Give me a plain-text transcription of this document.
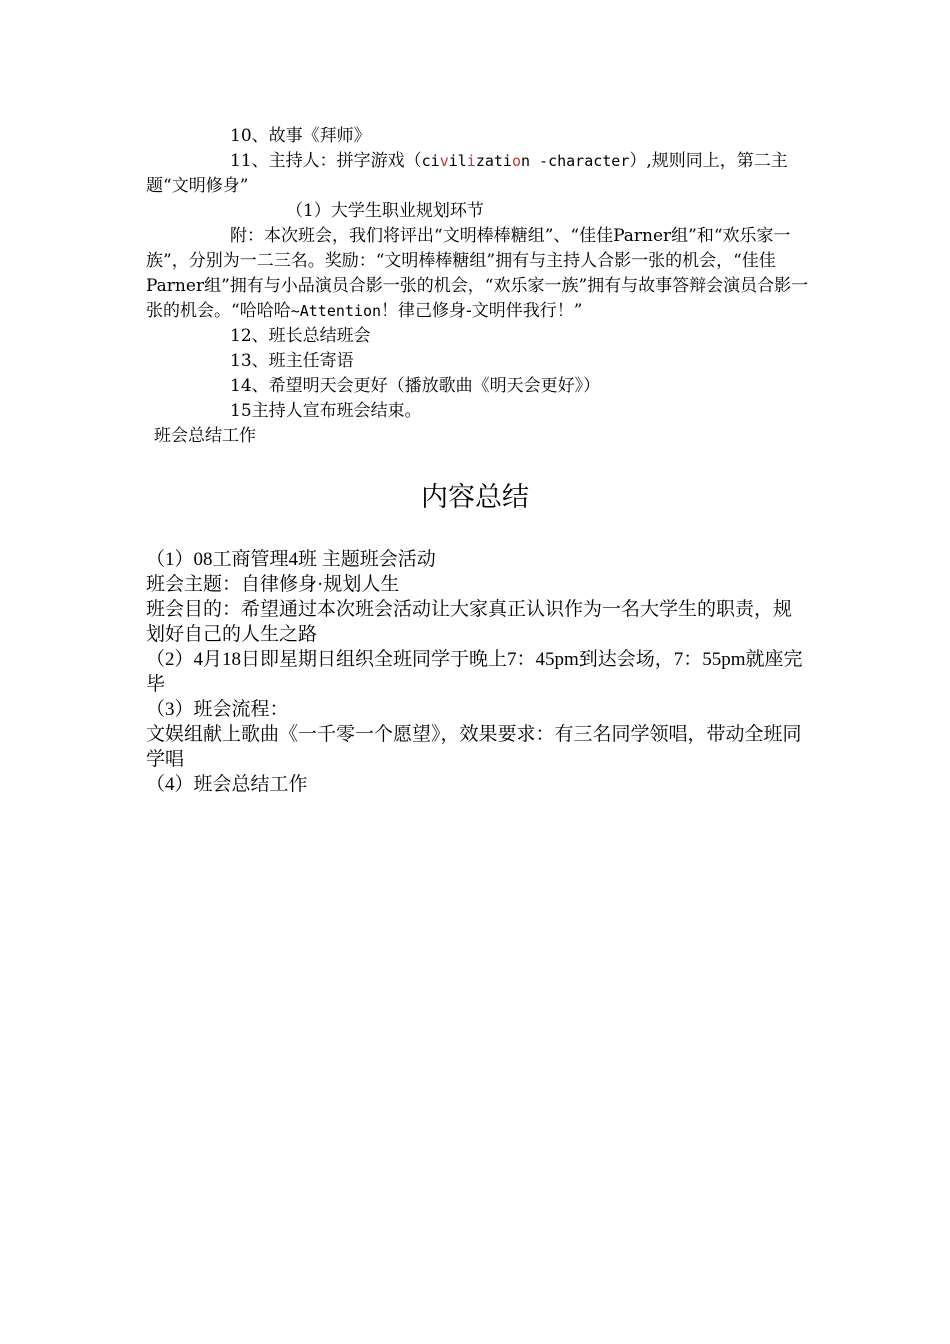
10、故事《拜师》

11、主持人：拼字游戏（civilization -character）,规则同上，第二主题“文明修身”

（1）大学生职业规划环节

附：本次班会，我们将评出“文明棒棒糖组”、“佳佳Parner组”和“欢乐家一族”，分别为一二三名。奖励：“文明棒棒糖组”拥有与主持人合影一张的机会，“佳佳Parner组”拥有与小品演员合影一张的机会，“欢乐家一族”拥有与故事答辩会演员合影一张的机会。“哈哈哈~Attention！律己修身-文明伴我行！”

12、班长总结班会

13、班主任寄语

14、希望明天会更好（播放歌曲《明天会更好》）

15主持人宣布班会结束。

班会总结工作

内容总结

（1）08工商管理4班 主题班会活动

班会主题：自律修身·规划人生

班会目的：希望通过本次班会活动让大家真正认识作为一名大学生的职责，规划好自己的人生之路

（2）4月18日即星期日组织全班同学于晚上7：45pm到达会场，7：55pm就座完毕

（3）班会流程：

文娱组献上歌曲《一千零一个愿望》，效果要求：有三名同学领唱，带动全班同学唱

（4）班会总结工作
